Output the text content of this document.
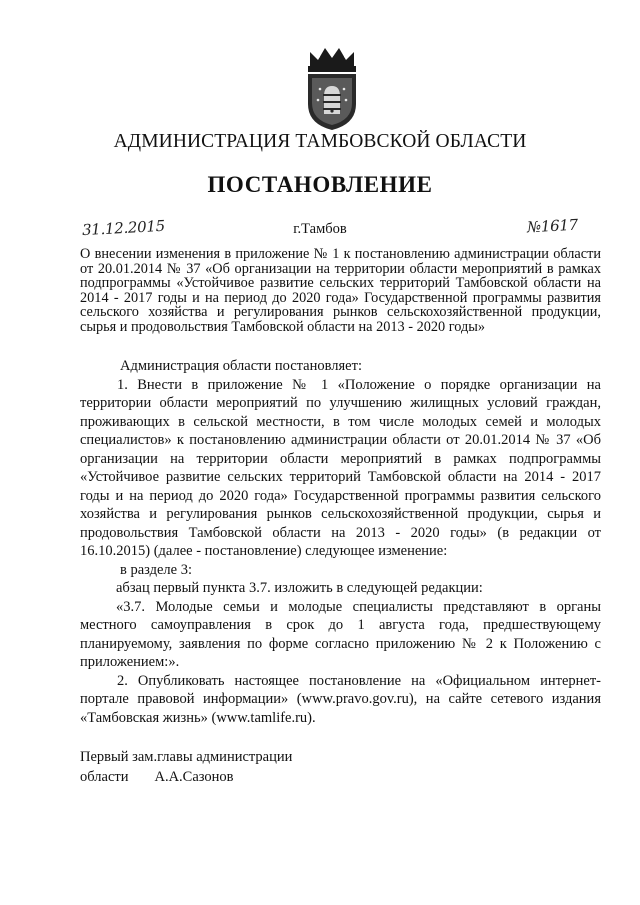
АДМИНИСТРАЦИЯ ТАМБОВСКОЙ ОБЛАСТИ
ПОСТАНОВЛЕНИЕ
31.12.2015	г.Тамбов	№1617
О внесении изменения в приложение № 1 к постановлению администрации области от 20.01.2014 № 37 «Об организации на территории области мероприятий в рамках подпрограммы «Устойчивое развитие сельских территорий Тамбовской области на 2014 - 2017 годы и на период до 2020 года» Государственной программы развития сельского хозяйства и регулирования рынков сельскохозяйственной продукции, сырья и продовольствия Тамбовской области на 2013 - 2020 годы»

Администрация области постановляет:

1. Внести в приложение № 1 «Положение о порядке организации на территории области мероприятий по улучшению жилищных условий граждан, проживающих в сельской местности, в том числе молодых семей и молодых специалистов» к постановлению администрации области от 20.01.2014 № 37 «Об организации на территории области мероприятий в рамках подпрограммы «Устойчивое развитие сельских территорий Тамбовской области на 2014 - 2017 годы и на период до 2020 года» Государственной программы развития сельского хозяйства и регулирования рынков сельскохозяйственной продукции, сырья и продовольствия Тамбовской области на 2013 - 2020 годы» (в редакции от 16.10.2015) (далее - постановление) следующее изменение:

в разделе 3:

абзац первый пункта 3.7. изложить в следующей редакции:

«3.7. Молодые семьи и молодые специалисты представляют в органы местного самоуправления в срок до 1 августа года, предшествующему планируемому, заявления по форме согласно приложению № 2 к Положению с приложением:».

2. Опубликовать настоящее постановление на «Официальном интернет-портале правовой информации» (www.pravo.gov.ru), на сайте сетевого издания «Тамбовская жизнь» (www.tamlife.ru).

Первый зам.главы администрации
области А.А.Сазонов
